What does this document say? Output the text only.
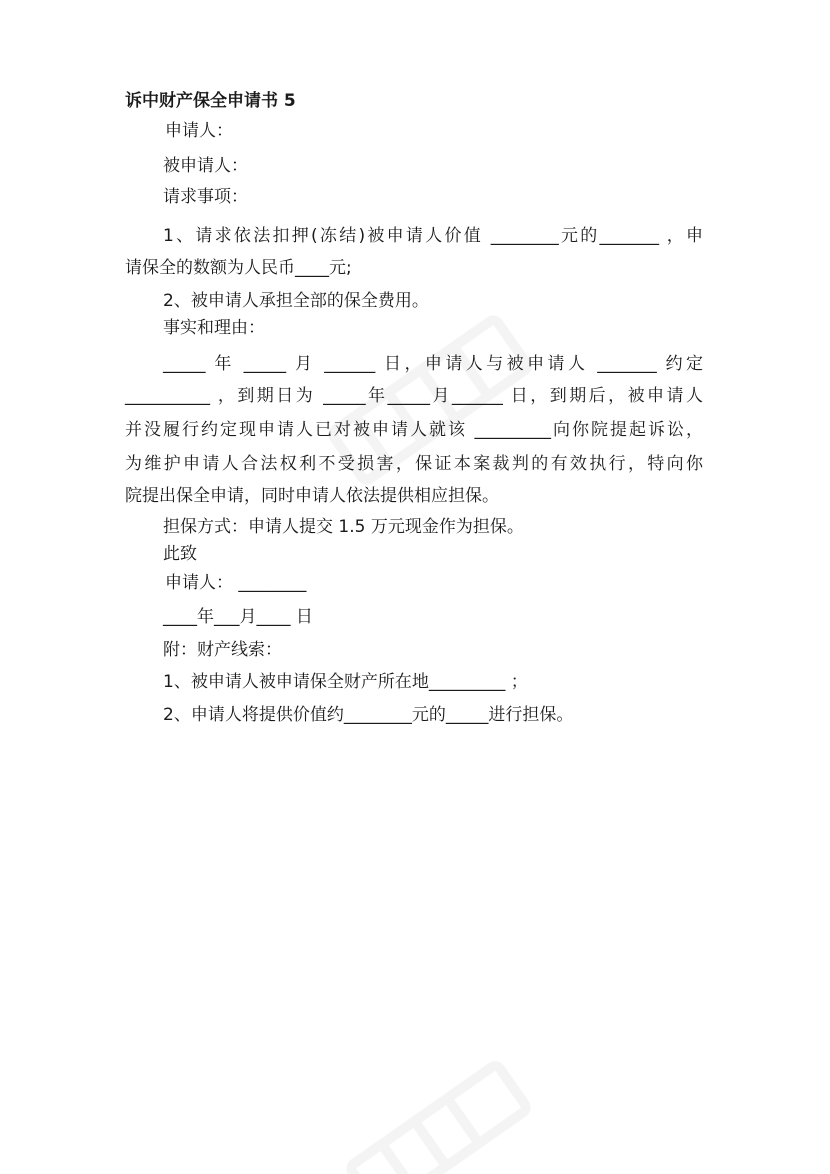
诉中财产保全申请书 5

申请人：

被申请人：

请求事项：

1、请求依法扣押(冻结)被申请人价值 ________元的_______ ，申

请保全的数额为人民币____元;

2、被申请人承担全部的保全费用。

事实和理由：

_____ 年 _____ 月 ______ 日，申请人与被申请人 _______ 约定

__________ ，到期日为 _____年_____月______ 日，到期后，被申请人

并没履行约定现申请人已对被申请人就该 _________向你院提起诉讼，

为维护申请人合法权利不受损害，保证本案裁判的有效执行，特向你

院提出保全申请，同时申请人依法提供相应担保。

担保方式：申请人提交 1.5 万元现金作为担保。

此致

申请人： ________

____年___月____ 日

附：财产线索：

1、被申请人被申请保全财产所在地_________ ；

2、申请人将提供价值约________元的_____进行担保。
